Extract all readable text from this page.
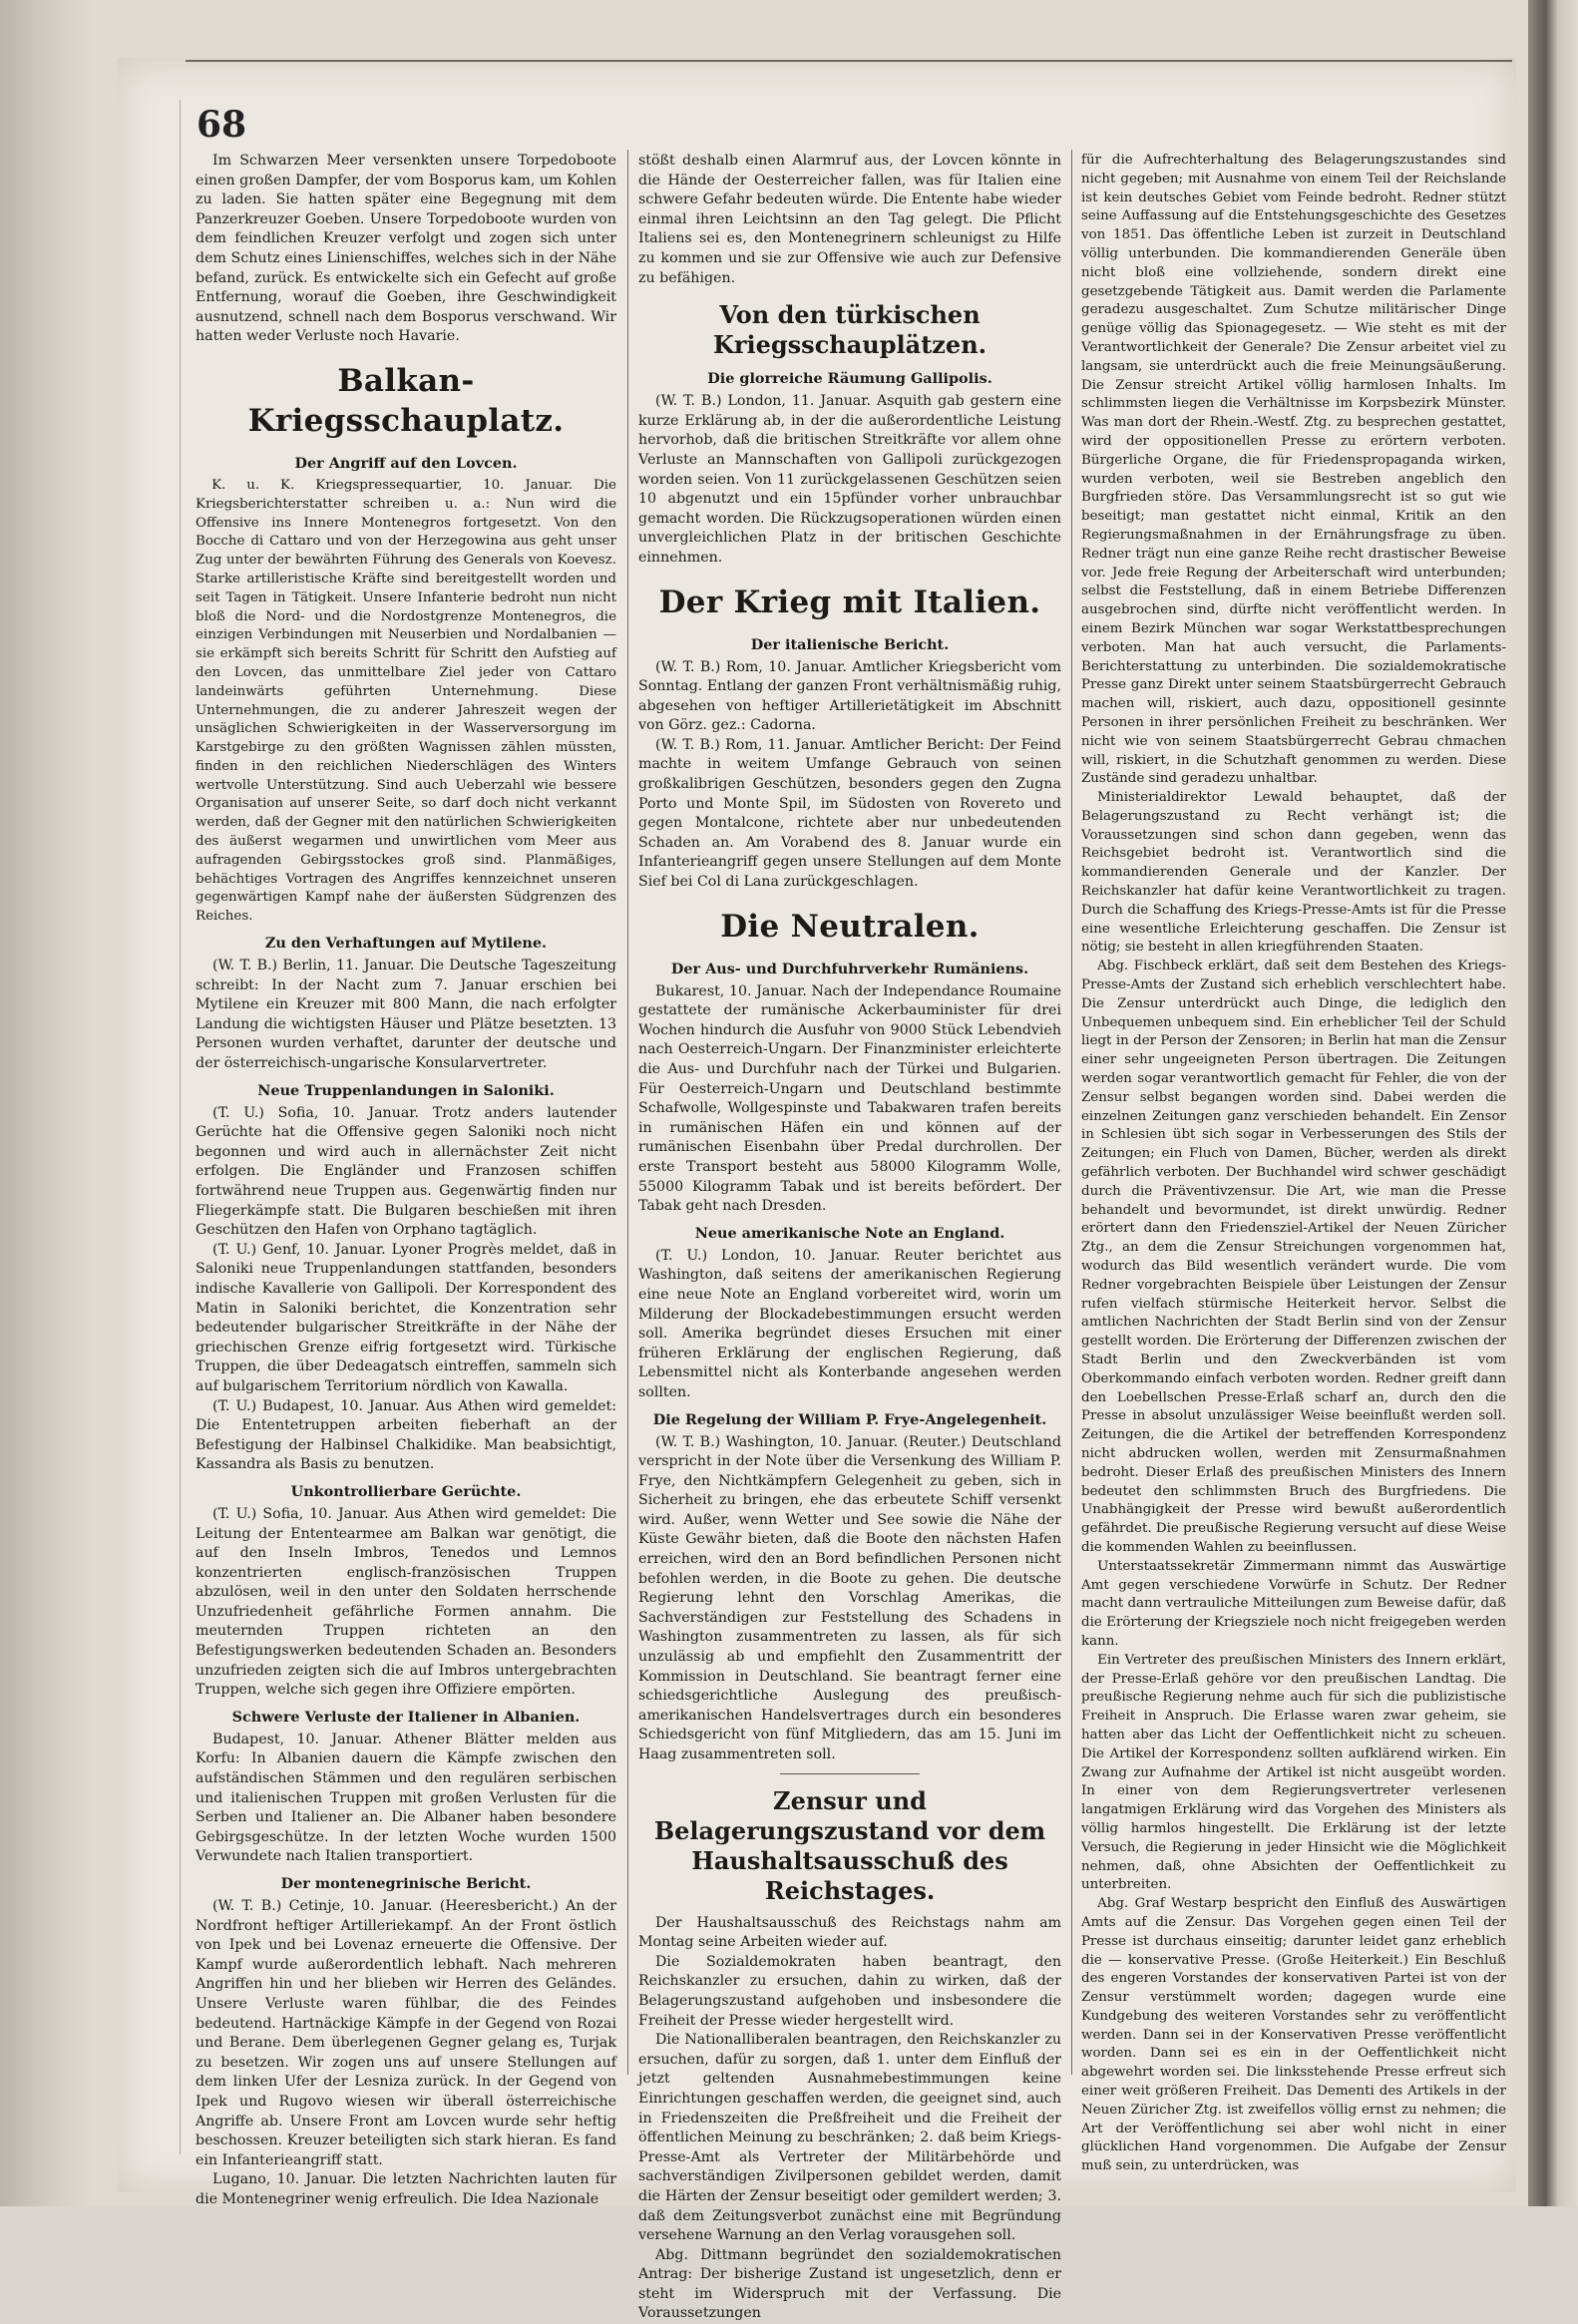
68

Im Schwarzen Meer versenkten unsere Torpedoboote einen großen Dampfer, der vom Bosporus kam, um Kohlen zu laden. Sie hatten später eine Begegnung mit dem Panzerkreuzer Goeben. Unsere Torpedoboote wurden von dem feindlichen Kreuzer verfolgt und zogen sich unter dem Schutz eines Linienschiffes, welches sich in der Nähe befand, zurück. Es entwickelte sich ein Gefecht auf große Entfernung, worauf die Goeben, ihre Geschwindigkeit ausnutzend, schnell nach dem Bosporus verschwand. Wir hatten weder Verluste noch Havarie.

Balkan-Kriegsschauplatz.
Der Angriff auf den Lovcen.

K. u. K. Kriegspressequartier, 10. Januar. Die Kriegsberichterstatter schreiben u. a.: Nun wird die Offensive ins Innere Montenegros fortgesetzt. Von den Bocche di Cattaro und von der Herzegowina aus geht unser Zug unter der bewährten Führung des Generals von Koevesz. Starke artilleristische Kräfte sind bereitgestellt worden und seit Tagen in Tätigkeit. Unsere Infanterie bedroht nun nicht bloß die Nord- und die Nordostgrenze Montenegros, die einzigen Verbindungen mit Neuserbien und Nordalbanien — sie erkämpft sich bereits Schritt für Schritt den Aufstieg auf den Lovcen, das unmittelbare Ziel jeder von Cattaro landeinwärts geführten Unternehmung. Diese Unternehmungen, die zu anderer Jahreszeit wegen der unsäglichen Schwierigkeiten in der Wasserversorgung im Karstgebirge zu den größten Wagnissen zählen müssten, finden in den reichlichen Niederschlägen des Winters wertvolle Unterstützung. Sind auch Ueberzahl wie bessere Organisation auf unserer Seite, so darf doch nicht verkannt werden, daß der Gegner mit den natürlichen Schwierigkeiten des äußerst wegarmen und unwirtlichen vom Meer aus aufragenden Gebirgsstockes groß sind. Planmäßiges, behächtiges Vortragen des Angriffes kennzeichnet unseren gegenwärtigen Kampf nahe der äußersten Südgrenzen des Reiches.

Zu den Verhaftungen auf Mytilene.

(W. T. B.) Berlin, 11. Januar. Die Deutsche Tageszeitung schreibt: In der Nacht zum 7. Januar erschien bei Mytilene ein Kreuzer mit 800 Mann, die nach erfolgter Landung die wichtigsten Häuser und Plätze besetzten. 13 Personen wurden verhaftet, darunter der deutsche und der österreichisch-ungarische Konsularvertreter.

Neue Truppenlandungen in Saloniki.

(T. U.) Sofia, 10. Januar. Trotz anders lautender Gerüchte hat die Offensive gegen Saloniki noch nicht begonnen und wird auch in allernächster Zeit nicht erfolgen. Die Engländer und Franzosen schiffen fortwährend neue Truppen aus. Gegenwärtig finden nur Fliegerkämpfe statt. Die Bulgaren beschießen mit ihren Geschützen den Hafen von Orphano tagtäglich.

(T. U.) Genf, 10. Januar. Lyoner Progrès meldet, daß in Saloniki neue Truppenlandungen stattfanden, besonders indische Kavallerie von Gallipoli. Der Korrespondent des Matin in Saloniki berichtet, die Konzentration sehr bedeutender bulgarischer Streitkräfte in der Nähe der griechischen Grenze eifrig fortgesetzt wird. Türkische Truppen, die über Dedeagatsch eintreffen, sammeln sich auf bulgarischem Territorium nördlich von Kawalla.

(T. U.) Budapest, 10. Januar. Aus Athen wird gemeldet: Die Ententetruppen arbeiten fieberhaft an der Befestigung der Halbinsel Chalkidike. Man beabsichtigt, Kassandra als Basis zu benutzen.

Unkontrollierbare Gerüchte.

(T. U.) Sofia, 10. Januar. Aus Athen wird gemeldet: Die Leitung der Ententearmee am Balkan war genötigt, die auf den Inseln Imbros, Tenedos und Lemnos konzentrierten englisch-französischen Truppen abzulösen, weil in den unter den Soldaten herrschende Unzufriedenheit gefährliche Formen annahm. Die meuternden Truppen richteten an den Befestigungswerken bedeutenden Schaden an. Besonders unzufrieden zeigten sich die auf Imbros untergebrachten Truppen, welche sich gegen ihre Offiziere empörten.

Schwere Verluste der Italiener in Albanien.

Budapest, 10. Januar. Athener Blätter melden aus Korfu: In Albanien dauern die Kämpfe zwischen den aufständischen Stämmen und den regulären serbischen und italienischen Truppen mit großen Verlusten für die Serben und Italiener an. Die Albaner haben besondere Gebirgsgeschütze. In der letzten Woche wurden 1500 Verwundete nach Italien transportiert.

Der montenegrinische Bericht.

(W. T. B.) Cetinje, 10. Januar. (Heeresbericht.) An der Nordfront heftiger Artilleriekampf. An der Front östlich von Ipek und bei Lovenaz erneuerte die Offensive. Der Kampf wurde außerordentlich lebhaft. Nach mehreren Angriffen hin und her blieben wir Herren des Geländes. Unsere Verluste waren fühlbar, die des Feindes bedeutend. Hartnäckige Kämpfe in der Gegend von Rozai und Berane. Dem überlegenen Gegner gelang es, Turjak zu besetzen. Wir zogen uns auf unsere Stellungen auf dem linken Ufer der Lesniza zurück. In der Gegend von Ipek und Rugovo wiesen wir überall österreichische Angriffe ab. Unsere Front am Lovcen wurde sehr heftig beschossen. Kreuzer beteiligten sich stark hieran. Es fand ein Infanterieangriff statt.

Lugano, 10. Januar. Die letzten Nachrichten lauten für die Montenegriner wenig erfreulich. Die Idea Nazionale

stößt deshalb einen Alarmruf aus, der Lovcen könnte in die Hände der Oesterreicher fallen, was für Italien eine schwere Gefahr bedeuten würde. Die Entente habe wieder einmal ihren Leichtsinn an den Tag gelegt. Die Pflicht Italiens sei es, den Montenegrinern schleunigst zu Hilfe zu kommen und sie zur Offensive wie auch zur Defensive zu befähigen.

Von den türkischen Kriegsschauplätzen.
Die glorreiche Räumung Gallipolis.

(W. T. B.) London, 11. Januar. Asquith gab gestern eine kurze Erklärung ab, in der die außerordentliche Leistung hervorhob, daß die britischen Streitkräfte vor allem ohne Verluste an Mannschaften von Gallipoli zurückgezogen worden seien. Von 11 zurückgelassenen Geschützen seien 10 abgenutzt und ein 15pfünder vorher unbrauchbar gemacht worden. Die Rückzugsoperationen würden einen unvergleichlichen Platz in der britischen Geschichte einnehmen.

Der Krieg mit Italien.
Der italienische Bericht.

(W. T. B.) Rom, 10. Januar. Amtlicher Kriegsbericht vom Sonntag. Entlang der ganzen Front verhältnismäßig ruhig, abgesehen von heftiger Artillerietätigkeit im Abschnitt von Görz. gez.: Cadorna.

(W. T. B.) Rom, 11. Januar. Amtlicher Bericht: Der Feind machte in weitem Umfange Gebrauch von seinen großkalibrigen Geschützen, besonders gegen den Zugna Porto und Monte Spil, im Südosten von Rovereto und gegen Montalcone, richtete aber nur unbedeutenden Schaden an. Am Vorabend des 8. Januar wurde ein Infanterieangriff gegen unsere Stellungen auf dem Monte Sief bei Col di Lana zurückgeschlagen.

Die Neutralen.
Der Aus- und Durchfuhrverkehr Rumäniens.

Bukarest, 10. Januar. Nach der Independance Roumaine gestattete der rumänische Ackerbauminister für drei Wochen hindurch die Ausfuhr von 9000 Stück Lebendvieh nach Oesterreich-Ungarn. Der Finanzminister erleichterte die Aus- und Durchfuhr nach der Türkei und Bulgarien. Für Oesterreich-Ungarn und Deutschland bestimmte Schafwolle, Wollgespinste und Tabakwaren trafen bereits in rumänischen Häfen ein und können auf der rumänischen Eisenbahn über Predal durchrollen. Der erste Transport besteht aus 58000 Kilogramm Wolle, 55000 Kilogramm Tabak und ist bereits befördert. Der Tabak geht nach Dresden.

Neue amerikanische Note an England.

(T. U.) London, 10. Januar. Reuter berichtet aus Washington, daß seitens der amerikanischen Regierung eine neue Note an England vorbereitet wird, worin um Milderung der Blockadebestimmungen ersucht werden soll. Amerika begründet dieses Ersuchen mit einer früheren Erklärung der englischen Regierung, daß Lebensmittel nicht als Konterbande angesehen werden sollten.

Die Regelung der William P. Frye-Angelegenheit.

(W. T. B.) Washington, 10. Januar. (Reuter.) Deutschland verspricht in der Note über die Versenkung des William P. Frye, den Nichtkämpfern Gelegenheit zu geben, sich in Sicherheit zu bringen, ehe das erbeutete Schiff versenkt wird. Außer, wenn Wetter und See sowie die Nähe der Küste Gewähr bieten, daß die Boote den nächsten Hafen erreichen, wird den an Bord befindlichen Personen nicht befohlen werden, in die Boote zu gehen. Die deutsche Regierung lehnt den Vorschlag Amerikas, die Sachverständigen zur Feststellung des Schadens in Washington zusammentreten zu lassen, als für sich unzulässig ab und empfiehlt den Zusammentritt der Kommission in Deutschland. Sie beantragt ferner eine schiedsgerichtliche Auslegung des preußisch-amerikanischen Handelsvertrages durch ein besonderes Schiedsgericht von fünf Mitgliedern, das am 15. Juni im Haag zusammentreten soll.

Zensur und Belagerungszustand vor dem Haushaltsausschuß des Reichstages.

Der Haushaltsausschuß des Reichstags nahm am Montag seine Arbeiten wieder auf.

Die Sozialdemokraten haben beantragt, den Reichskanzler zu ersuchen, dahin zu wirken, daß der Belagerungszustand aufgehoben und insbesondere die Freiheit der Presse wieder hergestellt wird.

Die Nationalliberalen beantragen, den Reichskanzler zu ersuchen, dafür zu sorgen, daß 1. unter dem Einfluß der jetzt geltenden Ausnahmebestimmungen keine Einrichtungen geschaffen werden, die geeignet sind, auch in Friedenszeiten die Preßfreiheit und die Freiheit der öffentlichen Meinung zu beschränken; 2. daß beim Kriegs-Presse-Amt als Vertreter der Militärbehörde und sachverständigen Zivilpersonen gebildet werden, damit die Härten der Zensur beseitigt oder gemildert werden; 3. daß dem Zeitungsverbot zunächst eine mit Begründung versehene Warnung an den Verlag vorausgehen soll.

Abg. Dittmann begründet den sozialdemokratischen Antrag: Der bisherige Zustand ist ungesetzlich, denn er steht im Widerspruch mit der Verfassung. Die Voraussetzungen

für die Aufrechterhaltung des Belagerungszustandes sind nicht gegeben; mit Ausnahme von einem Teil der Reichslande ist kein deutsches Gebiet vom Feinde bedroht. Redner stützt seine Auffassung auf die Entstehungsgeschichte des Gesetzes von 1851. Das öffentliche Leben ist zurzeit in Deutschland völlig unterbunden. Die kommandierenden Generäle üben nicht bloß eine vollziehende, sondern direkt eine gesetzgebende Tätigkeit aus. Damit werden die Parlamente geradezu ausgeschaltet. Zum Schutze militärischer Dinge genüge völlig das Spionagegesetz. — Wie steht es mit der Verantwortlichkeit der Generale? Die Zensur arbeitet viel zu langsam, sie unterdrückt auch die freie Meinungsäußerung. Die Zensur streicht Artikel völlig harmlosen Inhalts. Im schlimmsten liegen die Verhältnisse im Korpsbezirk Münster. Was man dort der Rhein.-Westf. Ztg. zu besprechen gestattet, wird der oppositionellen Presse zu erörtern verboten. Bürgerliche Organe, die für Friedenspropaganda wirken, wurden verboten, weil sie Bestreben angeblich den Burgfrieden störe. Das Versammlungsrecht ist so gut wie beseitigt; man gestattet nicht einmal, Kritik an den Regierungsmaßnahmen in der Ernährungsfrage zu üben. Redner trägt nun eine ganze Reihe recht drastischer Beweise vor. Jede freie Regung der Arbeiterschaft wird unterbunden; selbst die Feststellung, daß in einem Betriebe Differenzen ausgebrochen sind, dürfte nicht veröffentlicht werden. In einem Bezirk München war sogar Werkstattbesprechungen verboten. Man hat auch versucht, die Parlaments-Berichterstattung zu unterbinden. Die sozialdemokratische Presse ganz Direkt unter seinem Staatsbürgerrecht Gebrauch machen will, riskiert, auch dazu, oppositionell gesinnte Personen in ihrer persönlichen Freiheit zu beschränken. Wer nicht wie von seinem Staatsbürgerrecht Gebrau chmachen will, riskiert, in die Schutzhaft genommen zu werden. Diese Zustände sind geradezu unhaltbar.

Ministerialdirektor Lewald behauptet, daß der Belagerungszustand zu Recht verhängt ist; die Voraussetzungen sind schon dann gegeben, wenn das Reichsgebiet bedroht ist. Verantwortlich sind die kommandierenden Generale und der Kanzler. Der Reichskanzler hat dafür keine Verantwortlichkeit zu tragen. Durch die Schaffung des Kriegs-Presse-Amts ist für die Presse eine wesentliche Erleichterung geschaffen. Die Zensur ist nötig; sie besteht in allen kriegführenden Staaten.

Abg. Fischbeck erklärt, daß seit dem Bestehen des Kriegs-Presse-Amts der Zustand sich erheblich verschlechtert habe. Die Zensur unterdrückt auch Dinge, die lediglich den Unbequemen unbequem sind. Ein erheblicher Teil der Schuld liegt in der Person der Zensoren; in Berlin hat man die Zensur einer sehr ungeeigneten Person übertragen. Die Zeitungen werden sogar verantwortlich gemacht für Fehler, die von der Zensur selbst begangen worden sind. Dabei werden die einzelnen Zeitungen ganz verschieden behandelt. Ein Zensor in Schlesien übt sich sogar in Verbesserungen des Stils der Zeitungen; ein Fluch von Damen, Bücher, werden als direkt gefährlich verboten. Der Buchhandel wird schwer geschädigt durch die Präventivzensur. Die Art, wie man die Presse behandelt und bevormundet, ist direkt unwürdig. Redner erörtert dann den Friedensziel-Artikel der Neuen Züricher Ztg., an dem die Zensur Streichungen vorgenommen hat, wodurch das Bild wesentlich verändert wurde. Die vom Redner vorgebrachten Beispiele über Leistungen der Zensur rufen vielfach stürmische Heiterkeit hervor. Selbst die amtlichen Nachrichten der Stadt Berlin sind von der Zensur gestellt worden. Die Erörterung der Differenzen zwischen der Stadt Berlin und den Zweckverbänden ist vom Oberkommando einfach verboten worden. Redner greift dann den Loebellschen Presse-Erlaß scharf an, durch den die Presse in absolut unzulässiger Weise beeinflußt werden soll. Zeitungen, die die Artikel der betreffenden Korrespondenz nicht abdrucken wollen, werden mit Zensurmaßnahmen bedroht. Dieser Erlaß des preußischen Ministers des Innern bedeutet den schlimmsten Bruch des Burgfriedens. Die Unabhängigkeit der Presse wird bewußt außerordentlich gefährdet. Die preußische Regierung versucht auf diese Weise die kommenden Wahlen zu beeinflussen.

Unterstaatssekretär Zimmermann nimmt das Auswärtige Amt gegen verschiedene Vorwürfe in Schutz. Der Redner macht dann vertrauliche Mitteilungen zum Beweise dafür, daß die Erörterung der Kriegsziele noch nicht freigegeben werden kann.

Ein Vertreter des preußischen Ministers des Innern erklärt, der Presse-Erlaß gehöre vor den preußischen Landtag. Die preußische Regierung nehme auch für sich die publizistische Freiheit in Anspruch. Die Erlasse waren zwar geheim, sie hatten aber das Licht der Oeffentlichkeit nicht zu scheuen. Die Artikel der Korrespondenz sollten aufklärend wirken. Ein Zwang zur Aufnahme der Artikel ist nicht ausgeübt worden. In einer von dem Regierungsvertreter verlesenen langatmigen Erklärung wird das Vorgehen des Ministers als völlig harmlos hingestellt. Die Erklärung ist der letzte Versuch, die Regierung in jeder Hinsicht wie die Möglichkeit nehmen, daß, ohne Absichten der Oeffentlichkeit zu unterbreiten.

Abg. Graf Westarp bespricht den Einfluß des Auswärtigen Amts auf die Zensur. Das Vorgehen gegen einen Teil der Presse ist durchaus einseitig; darunter leidet ganz erheblich die — konservative Presse. (Große Heiterkeit.) Ein Beschluß des engeren Vorstandes der konservativen Partei ist von der Zensur verstümmelt worden; dagegen wurde eine Kundgebung des weiteren Vorstandes sehr zu veröffentlicht werden. Dann sei in der Konservativen Presse veröffentlicht worden. Dann sei es ein in der Oeffentlichkeit nicht abgewehrt worden sei. Die linksstehende Presse erfreut sich einer weit größeren Freiheit. Das Dementi des Artikels in der Neuen Züricher Ztg. ist zweifellos völlig ernst zu nehmen; die Art der Veröffentlichung sei aber wohl nicht in einer glücklichen Hand vorgenommen. Die Aufgabe der Zensur muß sein, zu unterdrücken, was
